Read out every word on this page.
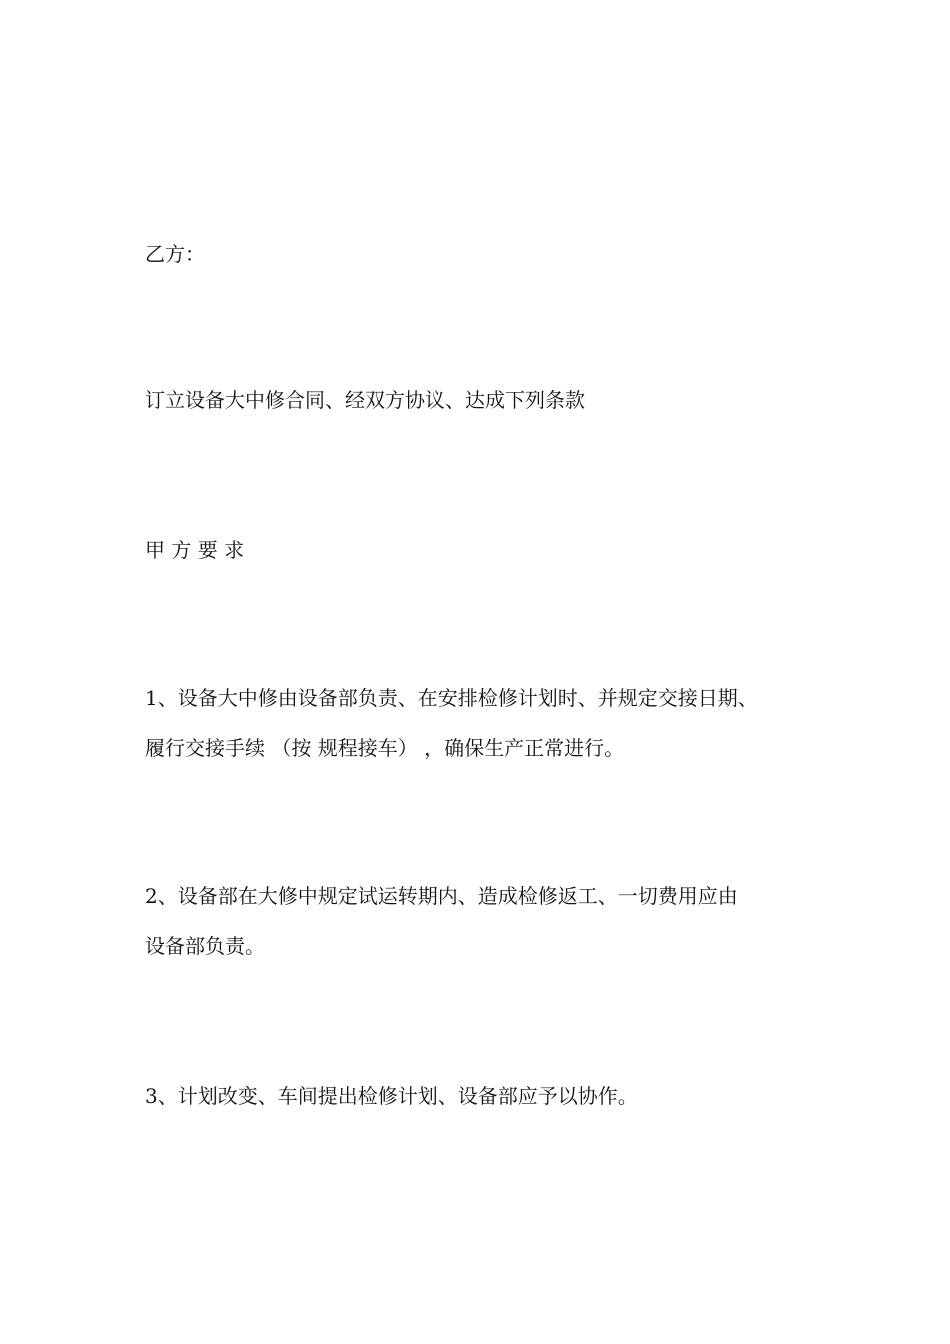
乙方：
订立设备大中修合同、经双方协议、达成下列条款
甲 方 要 求
1、设备大中修由设备部负责、在安排检修计划时、并规定交接日期、
履行交接手续 （按 规程接车） ，确保生产正常进行。
2、设备部在大修中规定试运转期内、造成检修返工、一切费用应由
设备部负责。
3、计划改变、车间提出检修计划、设备部应予以协作。
